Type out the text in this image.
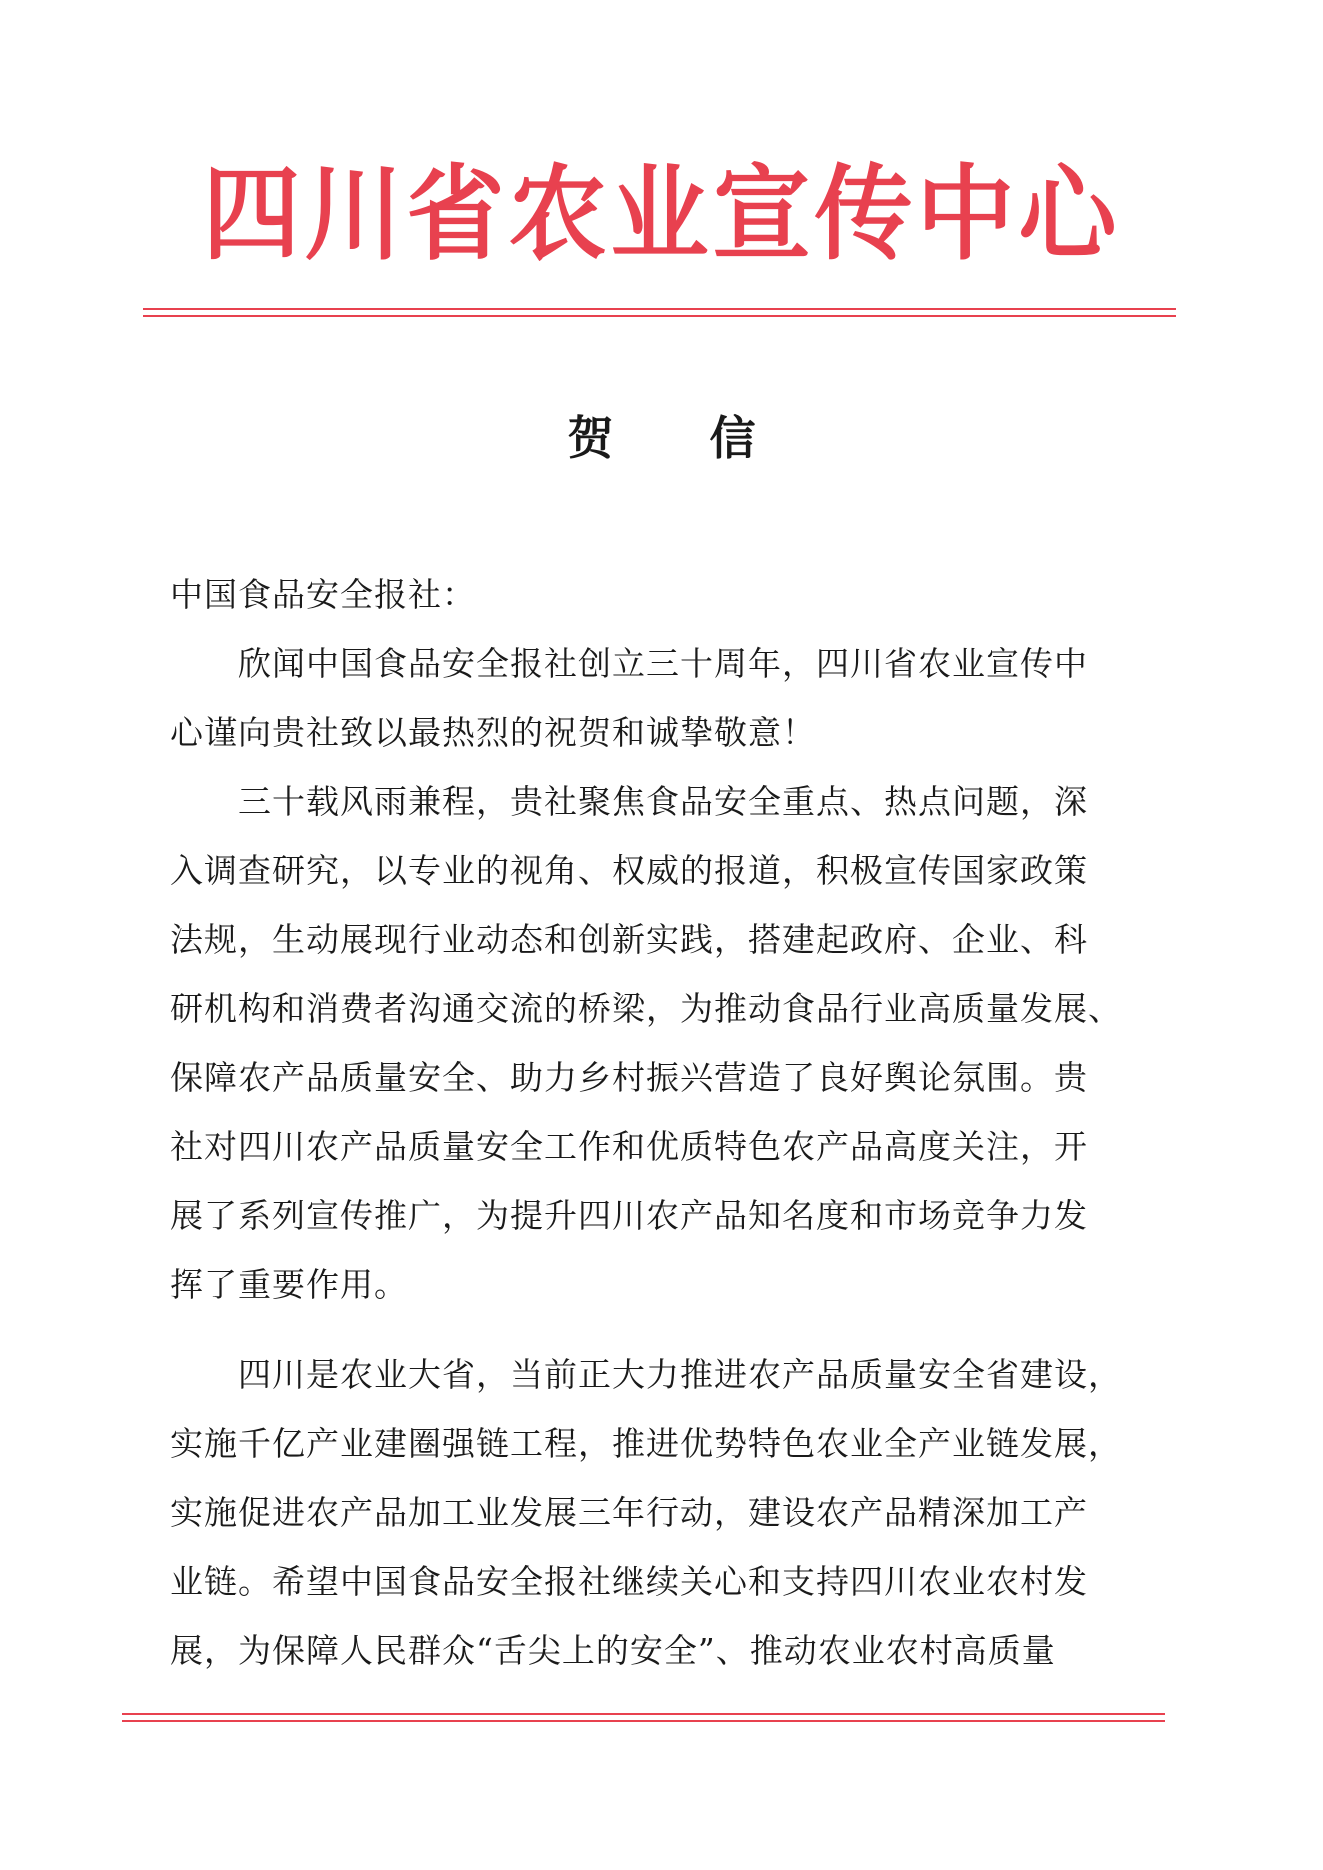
四川省农业宣传中心
贺 信
中国食品安全报社：
　　欣闻中国食品安全报社创立三十周年，四川省农业宣传中
心谨向贵社致以最热烈的祝贺和诚挚敬意！
　　三十载风雨兼程，贵社聚焦食品安全重点、热点问题，深
入调查研究，以专业的视角、权威的报道，积极宣传国家政策
法规，生动展现行业动态和创新实践，搭建起政府、企业、科
研机构和消费者沟通交流的桥梁，为推动食品行业高质量发展、
保障农产品质量安全、助力乡村振兴营造了良好舆论氛围。贵
社对四川农产品质量安全工作和优质特色农产品高度关注，开
展了系列宣传推广，为提升四川农产品知名度和市场竞争力发
挥了重要作用。
　　四川是农业大省，当前正大力推进农产品质量安全省建设，
实施千亿产业建圈强链工程，推进优势特色农业全产业链发展，
实施促进农产品加工业发展三年行动，建设农产品精深加工产
业链。希望中国食品安全报社继续关心和支持四川农业农村发
展，为保障人民群众“舌尖上的安全”、推动农业农村高质量
